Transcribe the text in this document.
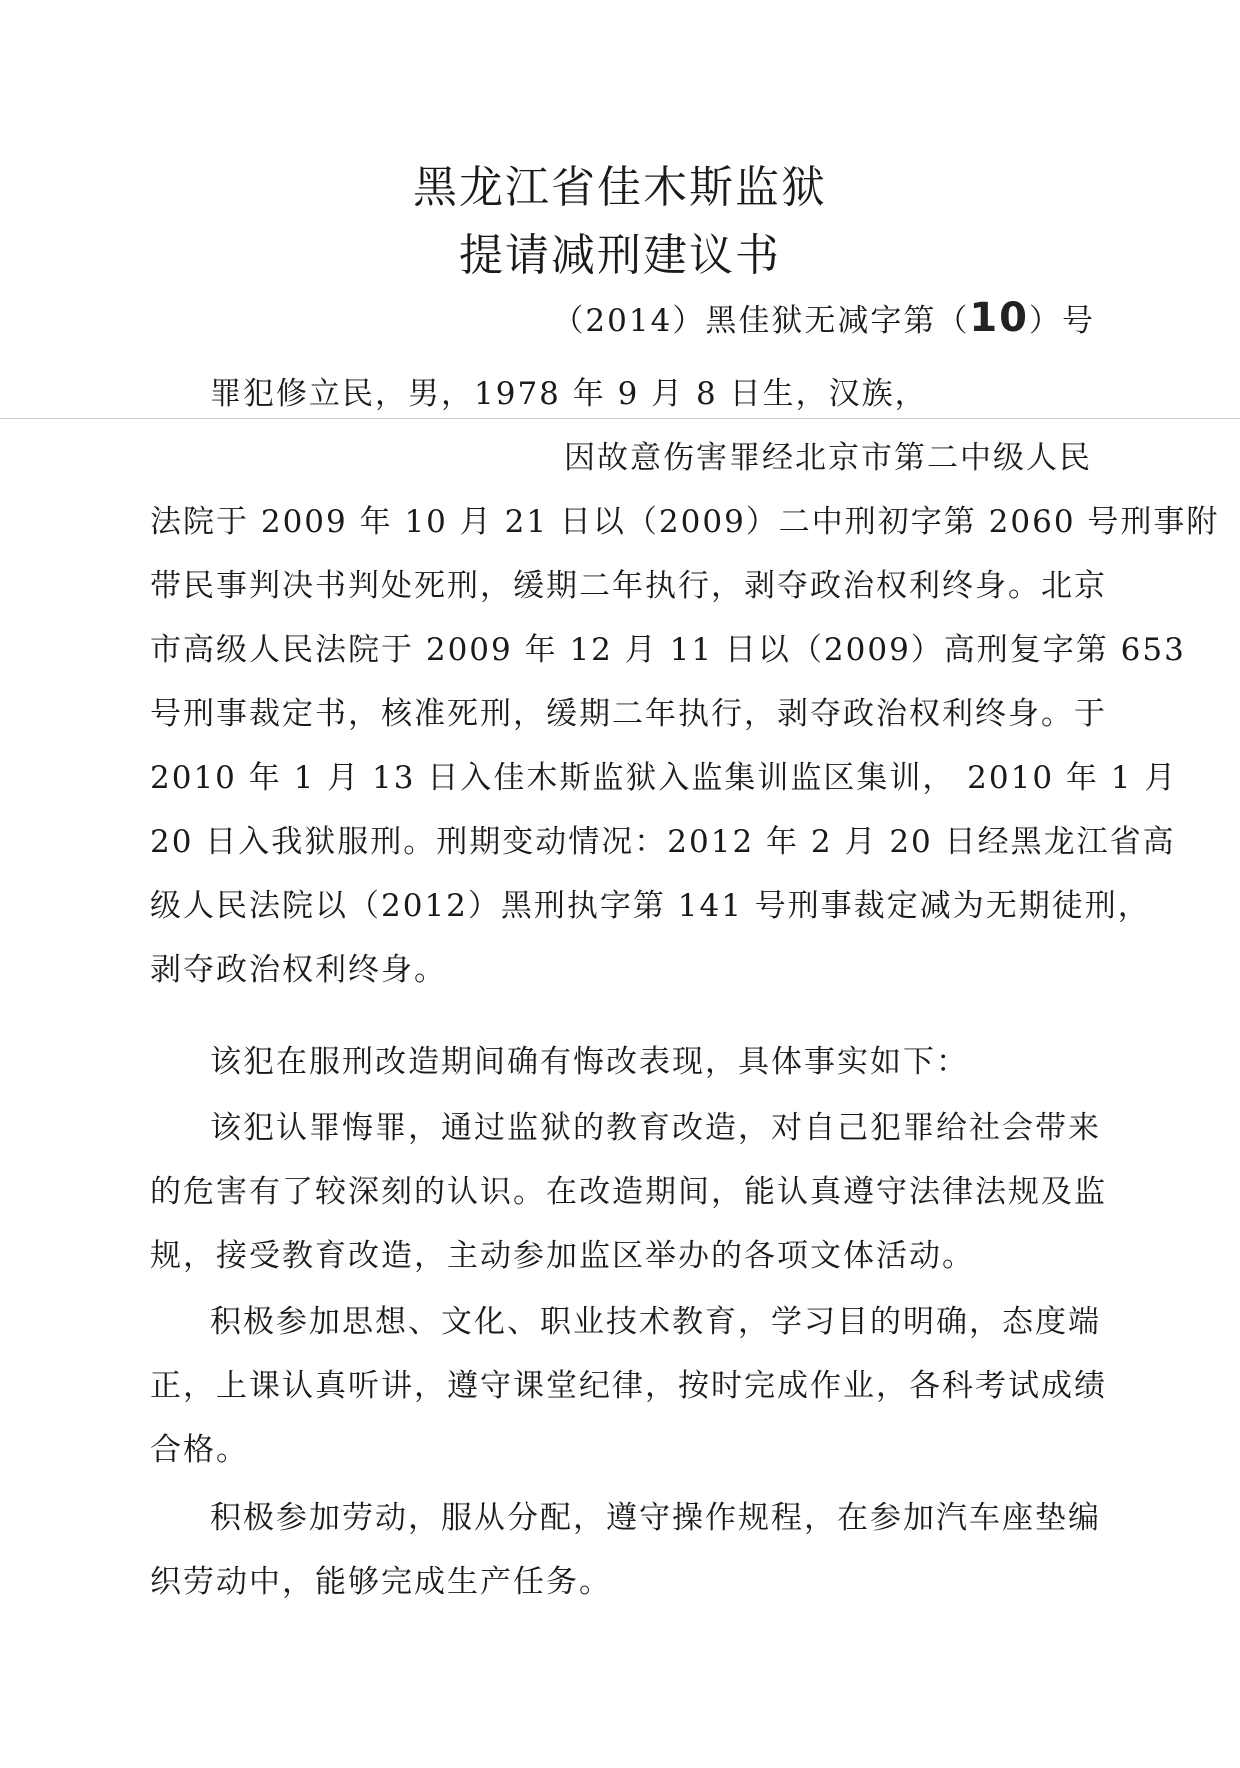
黑龙江省佳木斯监狱
提请减刑建议书
（2014）黑佳狱无减字第（10）号
罪犯修立民，男，1978 年 9 月 8 日生，汉族，
因故意伤害罪经北京市第二中级人民
法院于 2009 年 10 月 21 日以（2009）二中刑初字第 2060 号刑事附
带民事判决书判处死刑，缓期二年执行，剥夺政治权利终身。北京
市高级人民法院于 2009 年 12 月 11 日以（2009）高刑复字第 653
号刑事裁定书，核准死刑，缓期二年执行，剥夺政治权利终身。于
2010 年 1 月 13 日入佳木斯监狱入监集训监区集训， 2010 年 1 月
20 日入我狱服刑。刑期变动情况：2012 年 2 月 20 日经黑龙江省高
级人民法院以（2012）黑刑执字第 141 号刑事裁定减为无期徒刑，
剥夺政治权利终身。
该犯在服刑改造期间确有悔改表现，具体事实如下：
该犯认罪悔罪，通过监狱的教育改造，对自己犯罪给社会带来
的危害有了较深刻的认识。在改造期间，能认真遵守法律法规及监
规，接受教育改造，主动参加监区举办的各项文体活动。
积极参加思想、文化、职业技术教育，学习目的明确，态度端
正，上课认真听讲，遵守课堂纪律，按时完成作业，各科考试成绩
合格。
积极参加劳动，服从分配，遵守操作规程，在参加汽车座垫编
织劳动中，能够完成生产任务。
